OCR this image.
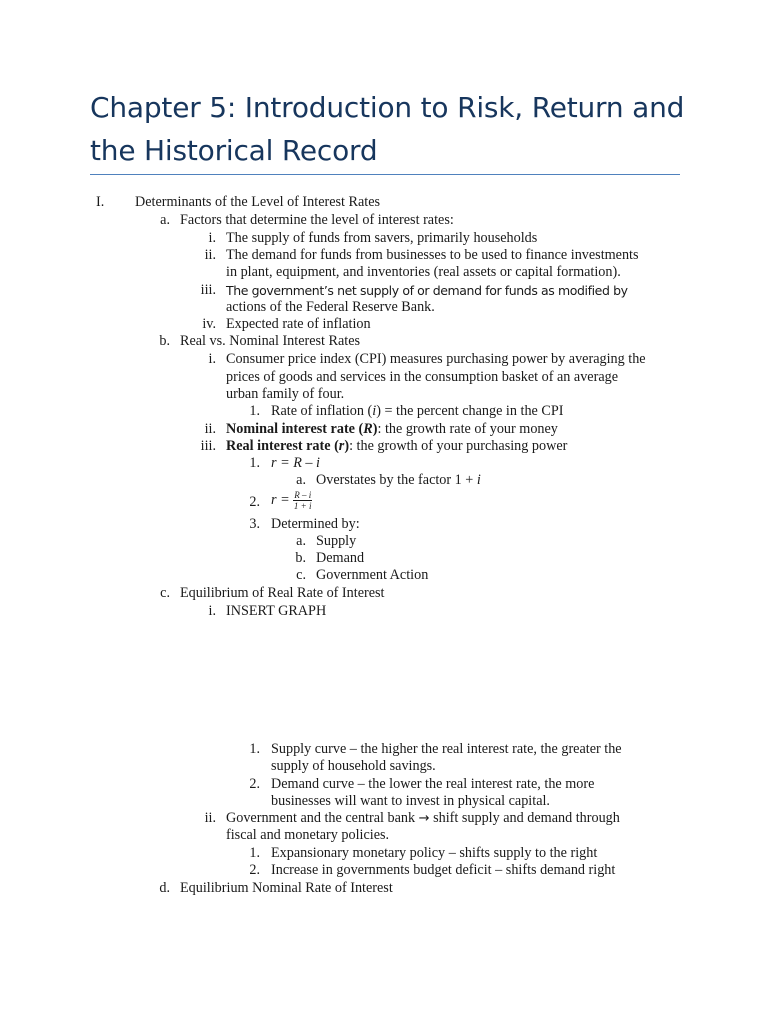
Chapter 5: Introduction to Risk, Return and the Historical Record
I.	Determinants of the Level of Interest Rates
a. Factors that determine the level of interest rates:
i. The supply of funds from savers, primarily households
ii. The demand for funds from businesses to be used to finance investments
in plant, equipment, and inventories (real assets or capital formation).
iii. The government’s net supply of or demand for funds as modified by
actions of the Federal Reserve Bank.
iv. Expected rate of inflation
b. Real vs. Nominal Interest Rates
i. Consumer price index (CPI) measures purchasing power by averaging the
prices of goods and services in the consumption basket of an average
urban family of four.
1. Rate of inflation (i) = the percent change in the CPI
ii. Nominal interest rate (R): the growth rate of your money
iii. Real interest rate (r): the growth of your purchasing power
1. r = R – i
a. Overstates by the factor 1 + i
2. $r = \frac{R - i}{1 + i}$
3. Determined by:
a. Supply
b. Demand
c. Government Action
c. Equilibrium of Real Rate of Interest
i. INSERT GRAPH
1. Supply curve – the higher the real interest rate, the greater the
supply of household savings.
2. Demand curve – the lower the real interest rate, the more
businesses will want to invest in physical capital.
ii. Government and the central bank → shift supply and demand through
fiscal and monetary policies.
1. Expansionary monetary policy – shifts supply to the right
2. Increase in governments budget deficit – shifts demand right
d. Equilibrium Nominal Rate of Interest
